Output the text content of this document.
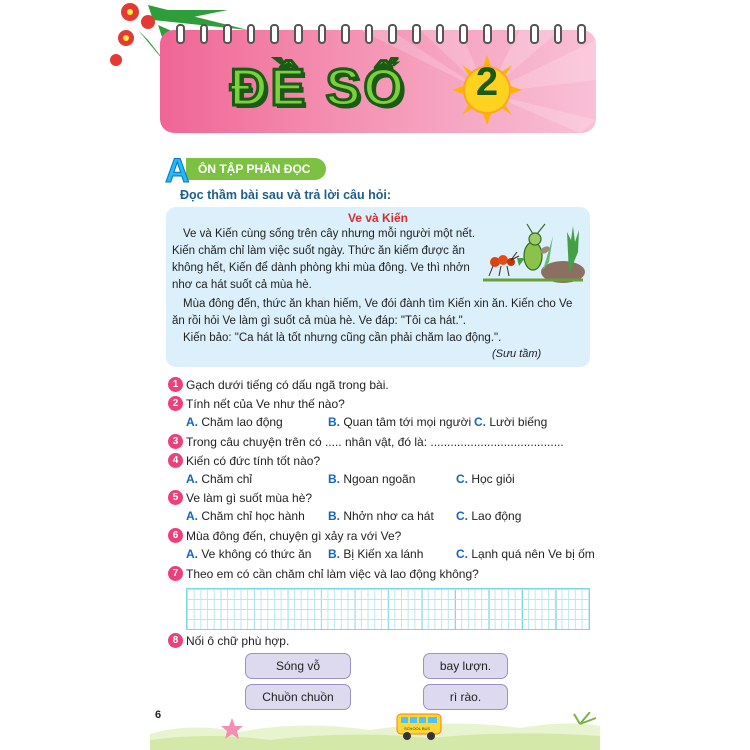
ĐỀ SỐ	2
ÔN TẬP PHẦN ĐỌC
A
Đọc thầm bài sau và trả lời câu hỏi:
Ve và Kiến
Ve và Kiến cùng sống trên cây nhưng mỗi người một nết.
Kiến chăm chỉ làm việc suốt ngày. Thức ăn kiếm được ăn
không hết, Kiến để dành phòng khi mùa đông. Ve thì nhởn
nhơ ca hát suốt cả mùa hè.
Mùa đông đến, thức ăn khan hiếm, Ve đói đành tìm Kiến xin ăn. Kiến cho Ve
ăn rồi hỏi Ve làm gì suốt cả mùa hè. Ve đáp: "Tôi ca hát.".
Kiến bảo: "Ca hát là tốt nhưng cũng cần phải chăm lao động.".
(Sưu tầm)
1 Gạch dưới tiếng có dấu ngã trong bài.
2 Tính nết của Ve như thế nào?
A. Chăm lao động	B. Quan tâm tới mọi người C. Lười biếng
3 Trong câu chuyện trên có ..... nhân vật, đó là: ........................................
4 Kiến có đức tính tốt nào?
A. Chăm chỉ	B. Ngoan ngoãn	C. Học giỏi
5 Ve làm gì suốt mùa hè?
A. Chăm chỉ học hành B. Nhởn nhơ ca hát C. Lao động
6 Mùa đông đến, chuyện gì xảy ra với Ve?
A. Ve không có thức ăn B. Bị Kiến xa lánh	C. Lạnh quá nên Ve bị ốm
7 Theo em có cần chăm chỉ làm việc và lao động không?
8 Nối ô chữ phù hợp.
Sóng vỗ
Chuồn chuồn
bay lượn.
rì rào.
SCHOOL BUS
6
